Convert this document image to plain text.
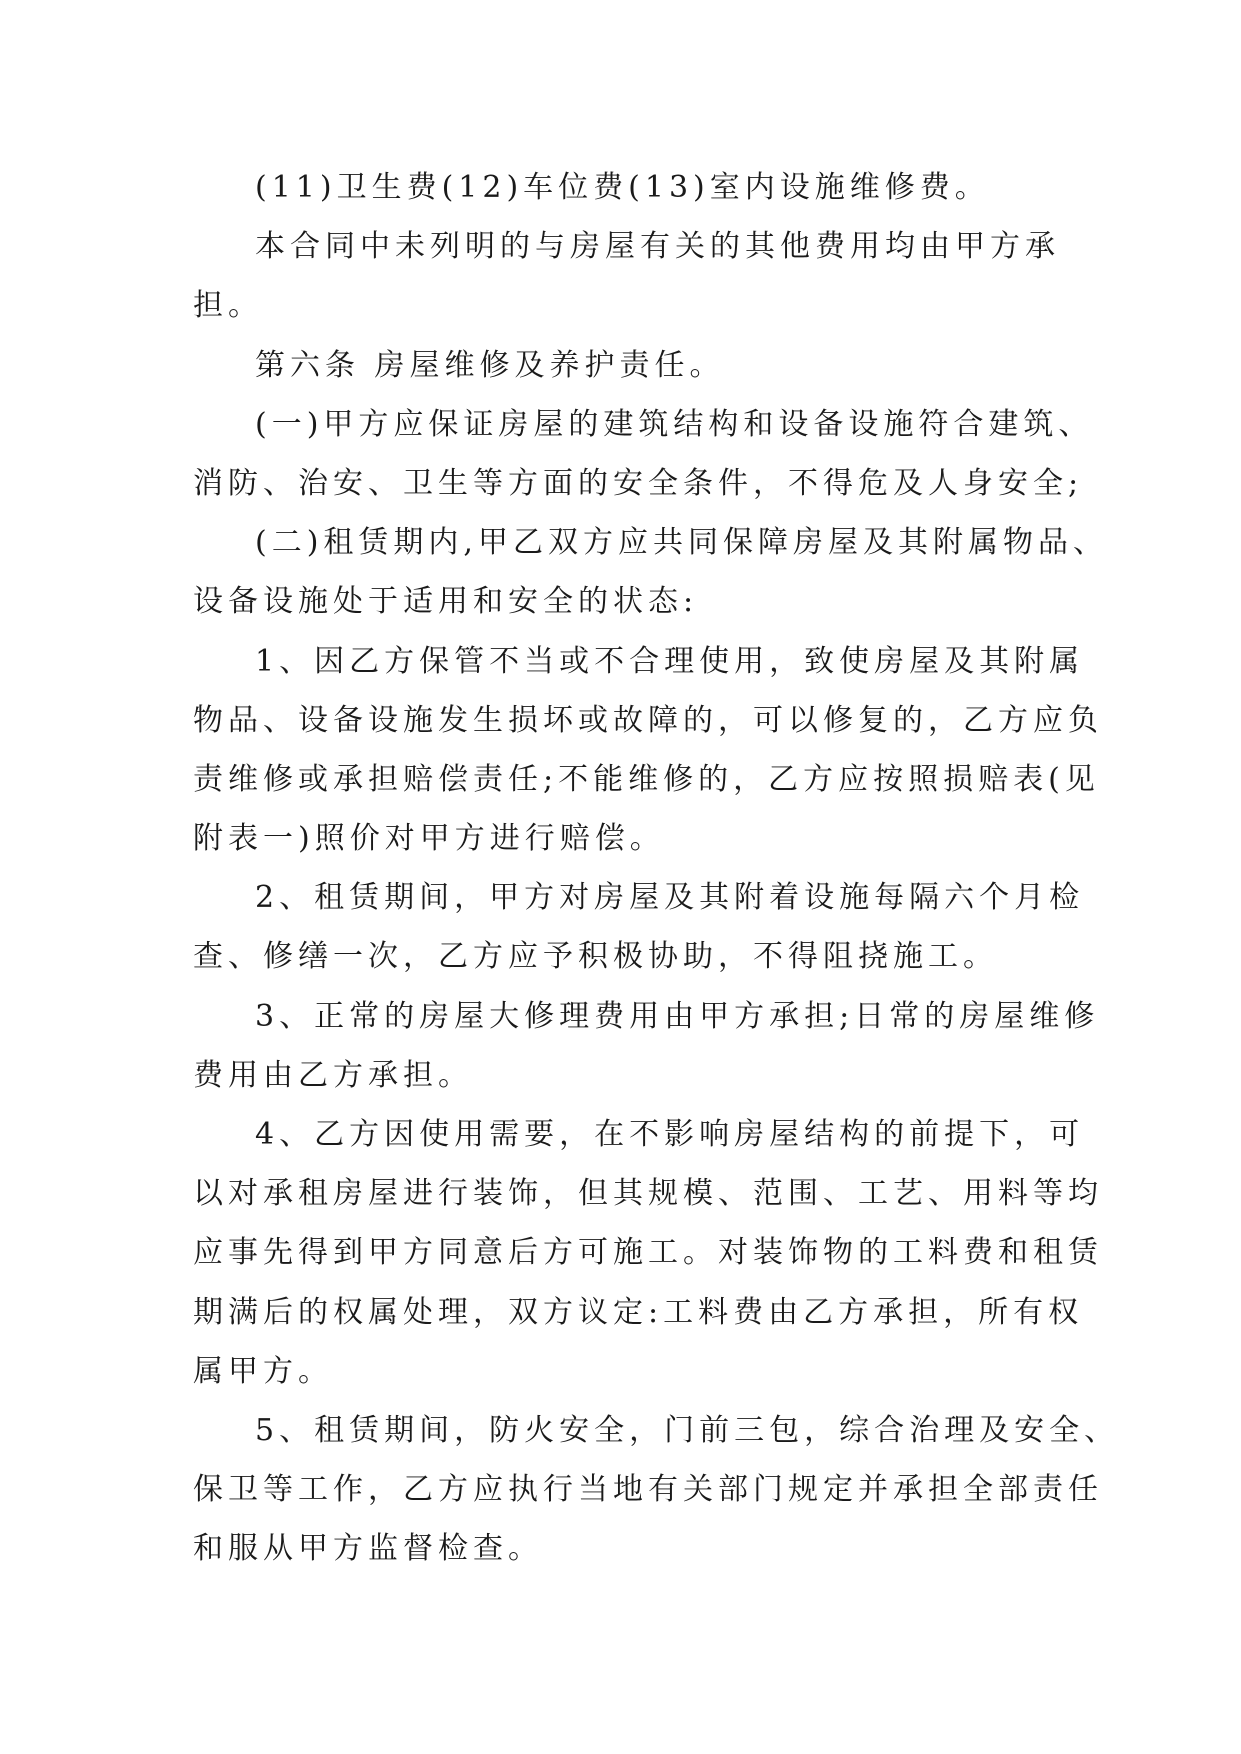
(11)卫生费(12)车位费(13)室内设施维修费。
本合同中未列明的与房屋有关的其他费用均由甲方承
担。
第六条 房屋维修及养护责任。
(一)甲方应保证房屋的建筑结构和设备设施符合建筑、
消防、治安、卫生等方面的安全条件，不得危及人身安全;
(二)租赁期内,甲乙双方应共同保障房屋及其附属物品、
设备设施处于适用和安全的状态:
1、因乙方保管不当或不合理使用，致使房屋及其附属
物品、设备设施发生损坏或故障的，可以修复的，乙方应负
责维修或承担赔偿责任;不能维修的，乙方应按照损赔表(见
附表一)照价对甲方进行赔偿。
2、租赁期间，甲方对房屋及其附着设施每隔六个月检
查、修缮一次，乙方应予积极协助，不得阻挠施工。
3、正常的房屋大修理费用由甲方承担;日常的房屋维修
费用由乙方承担。
4、乙方因使用需要，在不影响房屋结构的前提下，可
以对承租房屋进行装饰，但其规模、范围、工艺、用料等均
应事先得到甲方同意后方可施工。对装饰物的工料费和租赁
期满后的权属处理，双方议定:工料费由乙方承担，所有权
属甲方。
5、租赁期间，防火安全，门前三包，综合治理及安全、
保卫等工作，乙方应执行当地有关部门规定并承担全部责任
和服从甲方监督检查。
